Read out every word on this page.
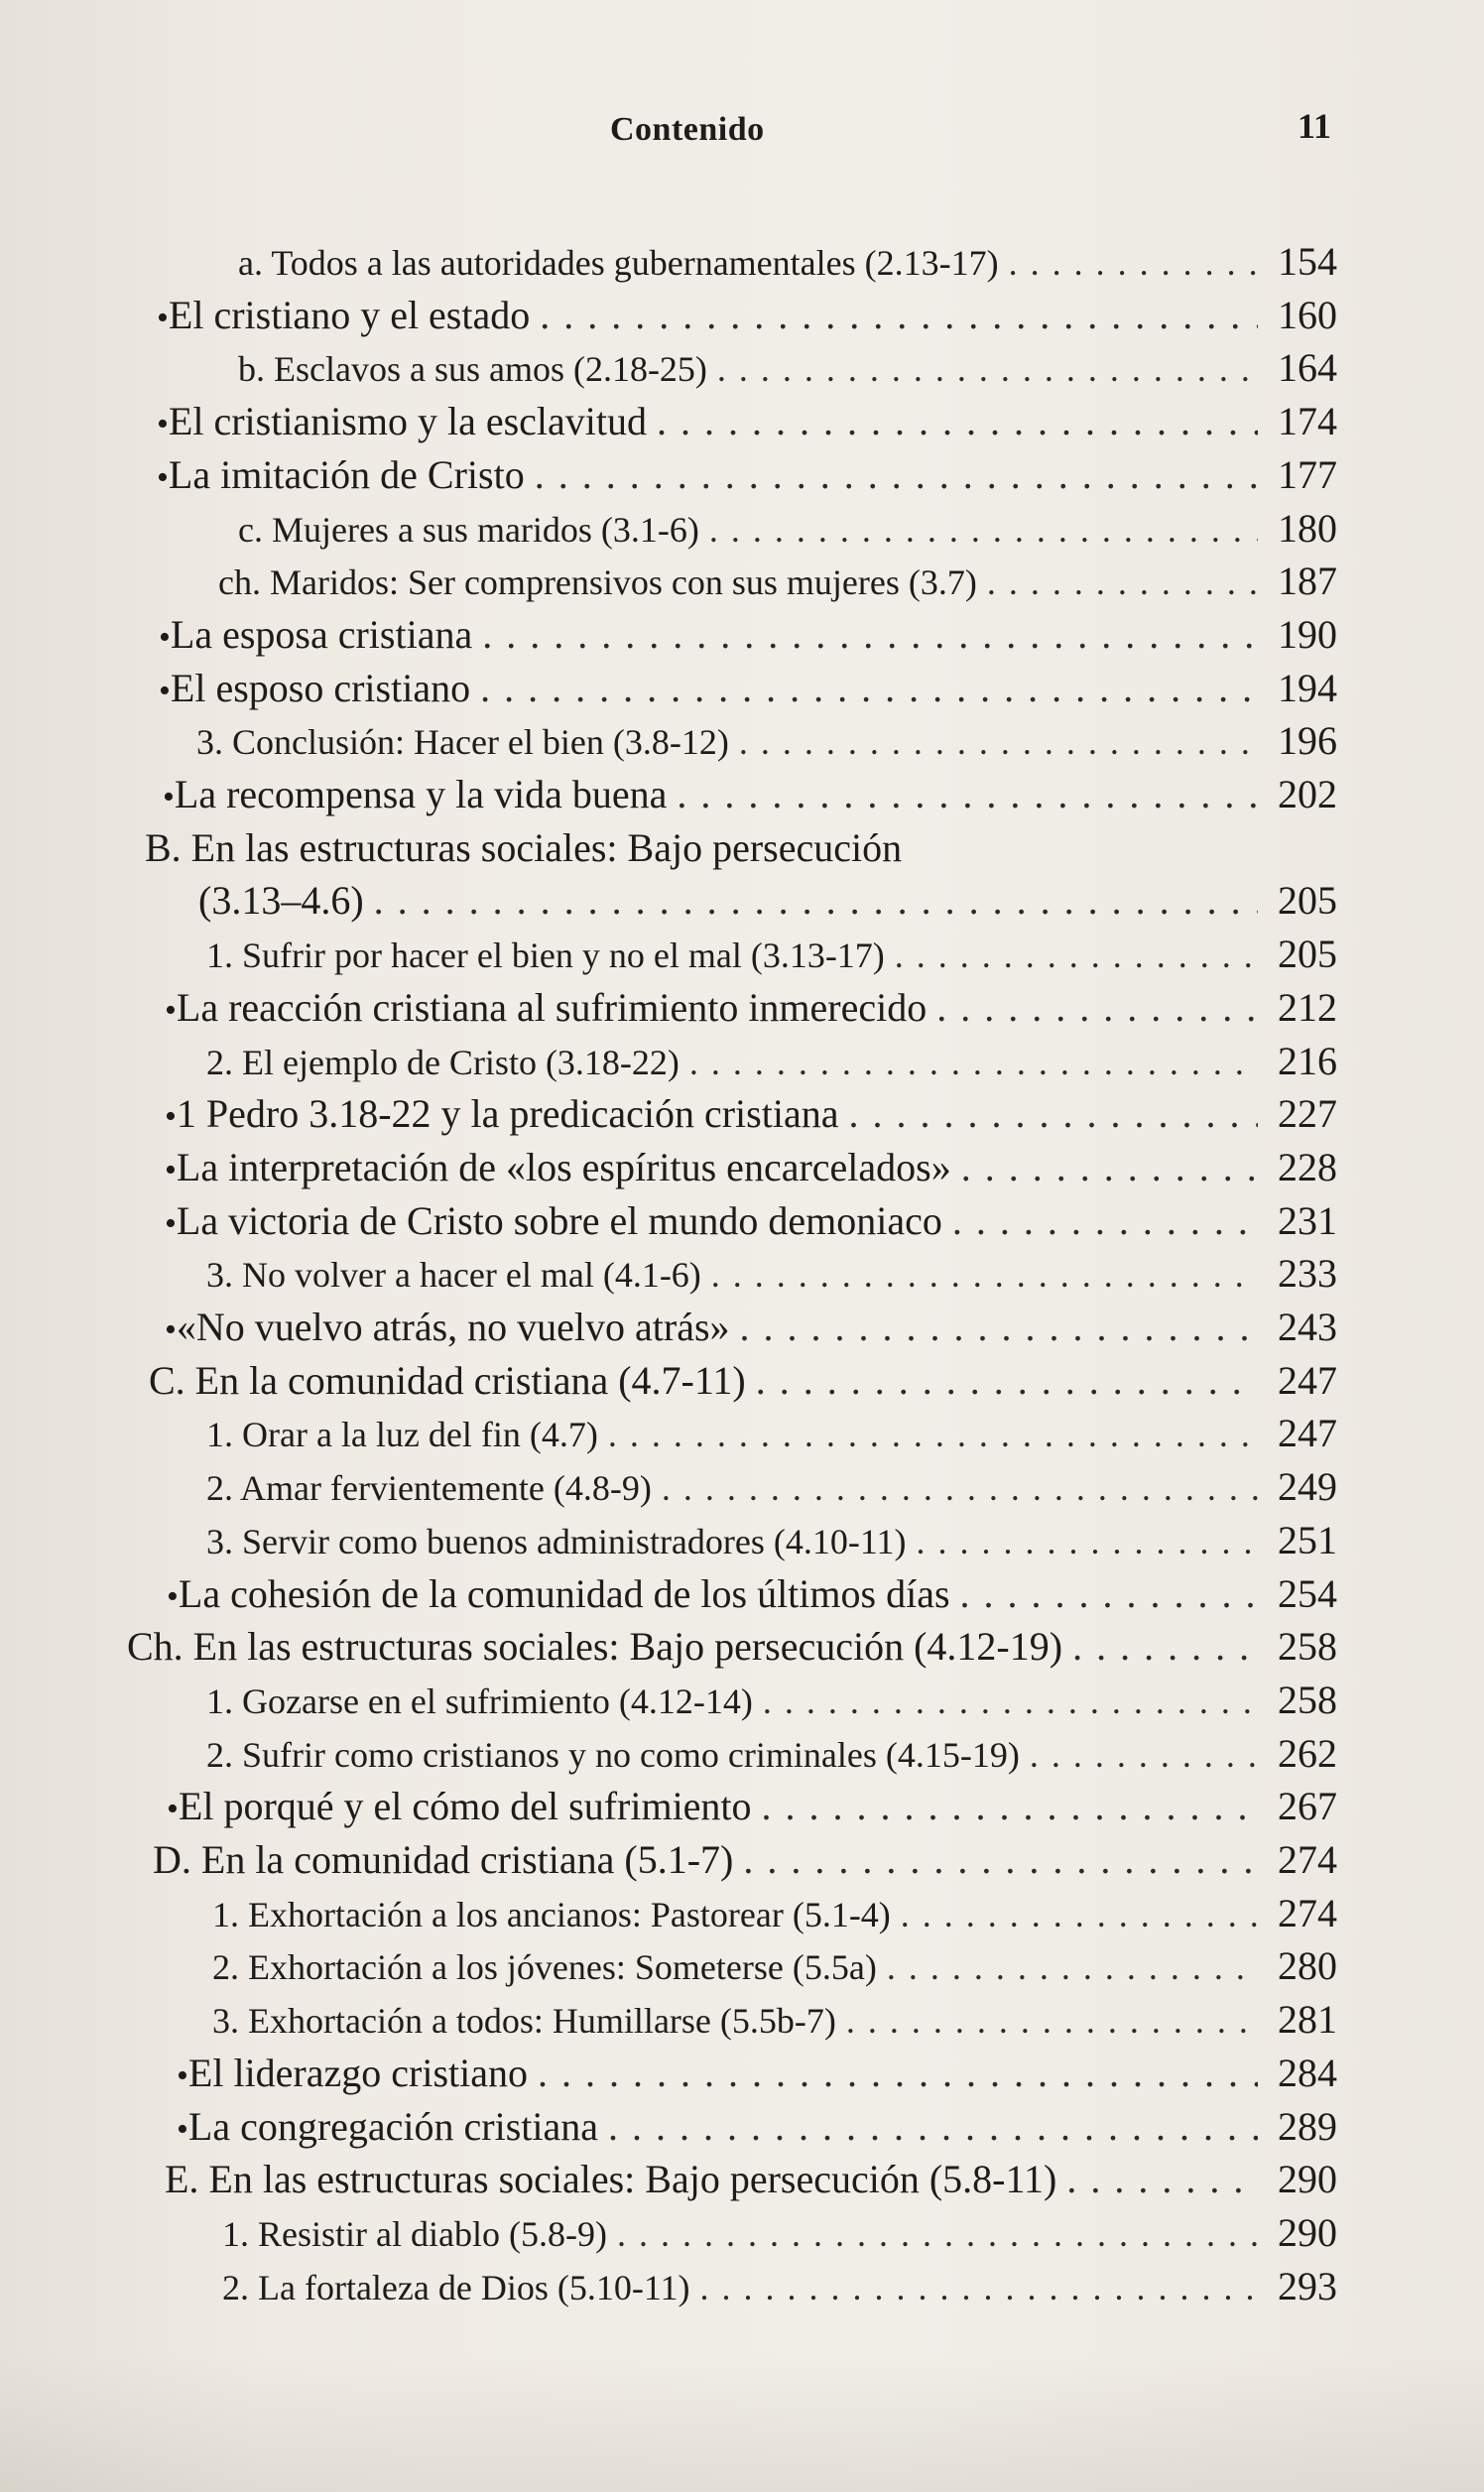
Contenido	11
a. Todos a las autoridades gubernamentales (2.13-17) . . .	154
• El cristiano y el estado . . .	160
b. Esclavos a sus amos (2.18-25) . . .	164
• El cristianismo y la esclavitud . . .	174
• La imitación de Cristo . . .	177
c. Mujeres a sus maridos (3.1-6) . . .	180
ch. Maridos: Ser comprensivos con sus mujeres (3.7) . . .	187
• La esposa cristiana . . .	190
• El esposo cristiano . . .	194
3. Conclusión: Hacer el bien (3.8-12) . . .	196
• La recompensa y la vida buena . . .	202
B. En las estructuras sociales: Bajo persecución
(3.13–4.6) . . .	205
1. Sufrir por hacer el bien y no el mal (3.13-17) . . .	205
• La reacción cristiana al sufrimiento inmerecido . . .	212
2. El ejemplo de Cristo (3.18-22) . . .	216
• 1 Pedro 3.18-22 y la predicación cristiana . . .	227
• La interpretación de «los espíritus encarcelados» . . .	228
• La victoria de Cristo sobre el mundo demoniaco . . .	231
3. No volver a hacer el mal (4.1-6) . . .	233
• «No vuelvo atrás, no vuelvo atrás» . . .	243
C. En la comunidad cristiana (4.7-11) . . .	247
1. Orar a la luz del fin (4.7) . . .	247
2. Amar fervientemente (4.8-9) . . .	249
3. Servir como buenos administradores (4.10-11) . . .	251
• La cohesión de la comunidad de los últimos días . . .	254
Ch. En las estructuras sociales: Bajo persecución (4.12-19) . . .	258
1. Gozarse en el sufrimiento (4.12-14) . . .	258
2. Sufrir como cristianos y no como criminales (4.15-19) . . .	262
• El porqué y el cómo del sufrimiento . . .	267
D. En la comunidad cristiana (5.1-7) . . .	274
1. Exhortación a los ancianos: Pastorear (5.1-4) . . .	274
2. Exhortación a los jóvenes: Someterse (5.5a) . . .	280
3. Exhortación a todos: Humillarse (5.5b-7) . . .	281
• El liderazgo cristiano . . .	284
• La congregación cristiana . . .	289
E. En las estructuras sociales: Bajo persecución (5.8-11) . . .	290
1. Resistir al diablo (5.8-9) . . .	290
2. La fortaleza de Dios (5.10-11) . . .	293
